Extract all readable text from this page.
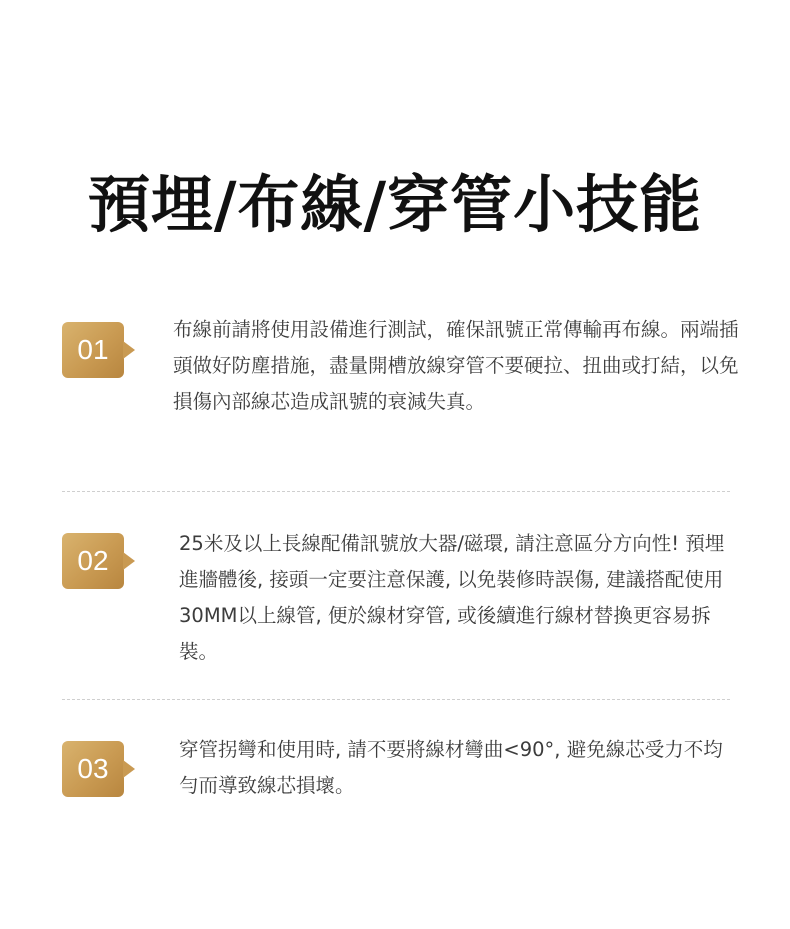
預埋/布線/穿管小技能
01
布線前請將使用設備進行測試，確保訊號正常傳輸再布線。兩端插頭做好防塵措施，盡量開槽放線穿管不要硬拉、扭曲或打結，以免損傷內部線芯造成訊號的衰減失真。
02
25米及以上長線配備訊號放大器/磁環, 請注意區分方向性! 預埋進牆體後, 接頭一定要注意保護, 以免裝修時誤傷, 建議搭配使用30MM以上線管, 便於線材穿管, 或後續進行線材替換更容易拆裝。
03
穿管拐彎和使用時, 請不要將線材彎曲<90°, 避免線芯受力不均勻而導致線芯損壞。
